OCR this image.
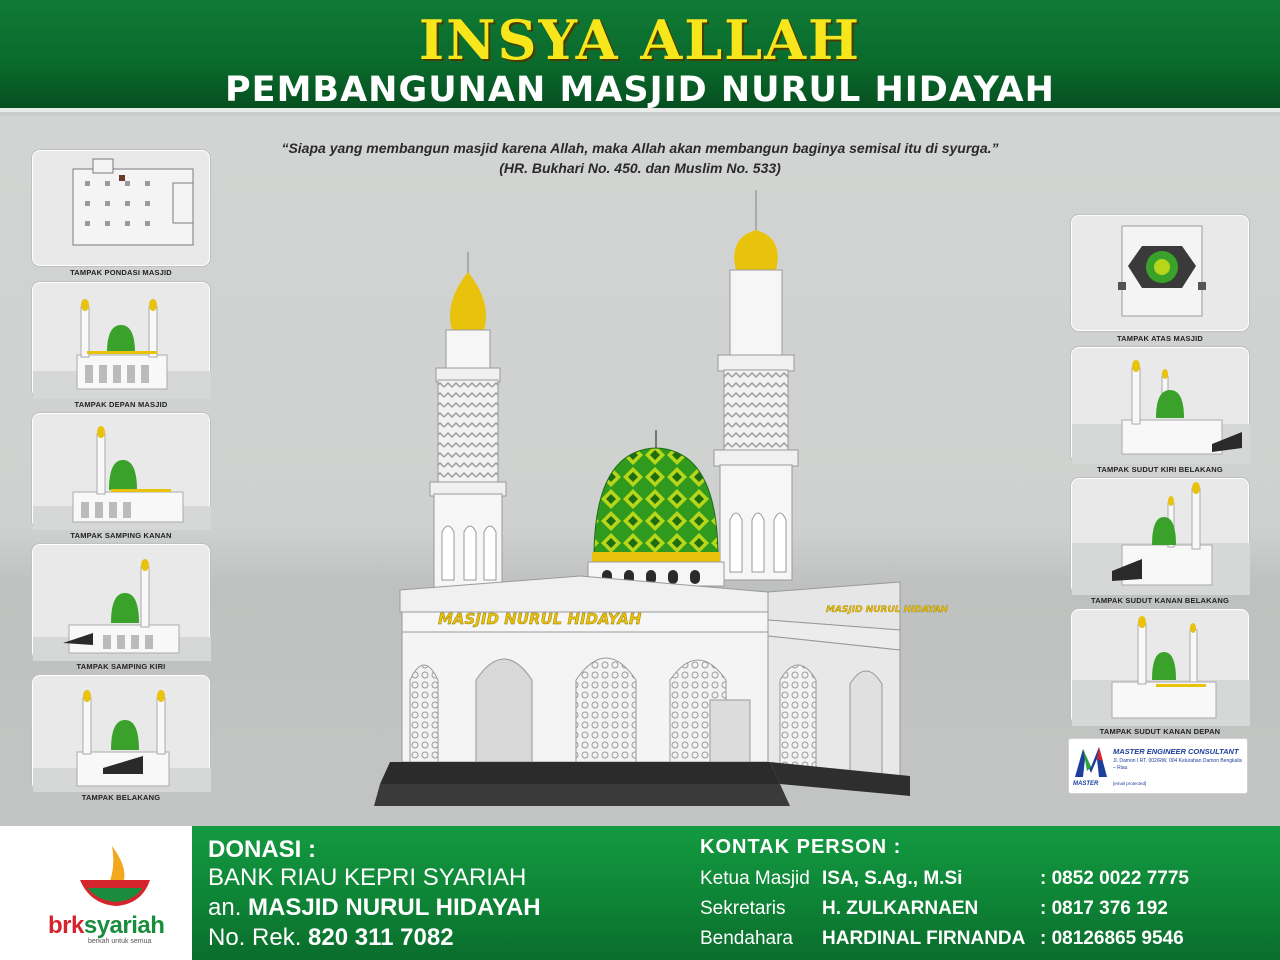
INSYA ALLAH
PEMBANGUNAN MASJID NURUL HIDAYAH
“Siapa yang membangun masjid karena Allah, maka Allah akan membangun baginya semisal itu di syurga.”
(HR. Bukhari No. 450. dan Muslim No. 533)
TAMPAK PONDASI MASJID
TAMPAK DEPAN MASJID
TAMPAK SAMPING KANAN
TAMPAK SAMPING KIRI
TAMPAK BELAKANG
TAMPAK ATAS MASJID
TAMPAK SUDUT KIRI BELAKANG
TAMPAK SUDUT KANAN BELAKANG
TAMPAK SUDUT KANAN DEPAN
MASJID NURUL HIDAYAH	MASJID NURUL HIDAYAH
MASTER
MASTER ENGINEER CONSULTANT
Jl. Damon I RT. 002/RW. 004 Kelurahan Damon Bengkalis – Riau
[email protected]
brksyariah
berkah untuk semua
DONASI :
BANK RIAU KEPRI SYARIAH
an. MASJID NURUL HIDAYAH
No. Rek. 820 311 7082
KONTAK PERSON :
Ketua Masjid ISA, S.Ag., M.Si	: 0852 0022 7775
Sekretaris H. ZULKARNAEN	: 0817 376 192
Bendahara HARDINAL FIRNANDA : 08126865 9546
